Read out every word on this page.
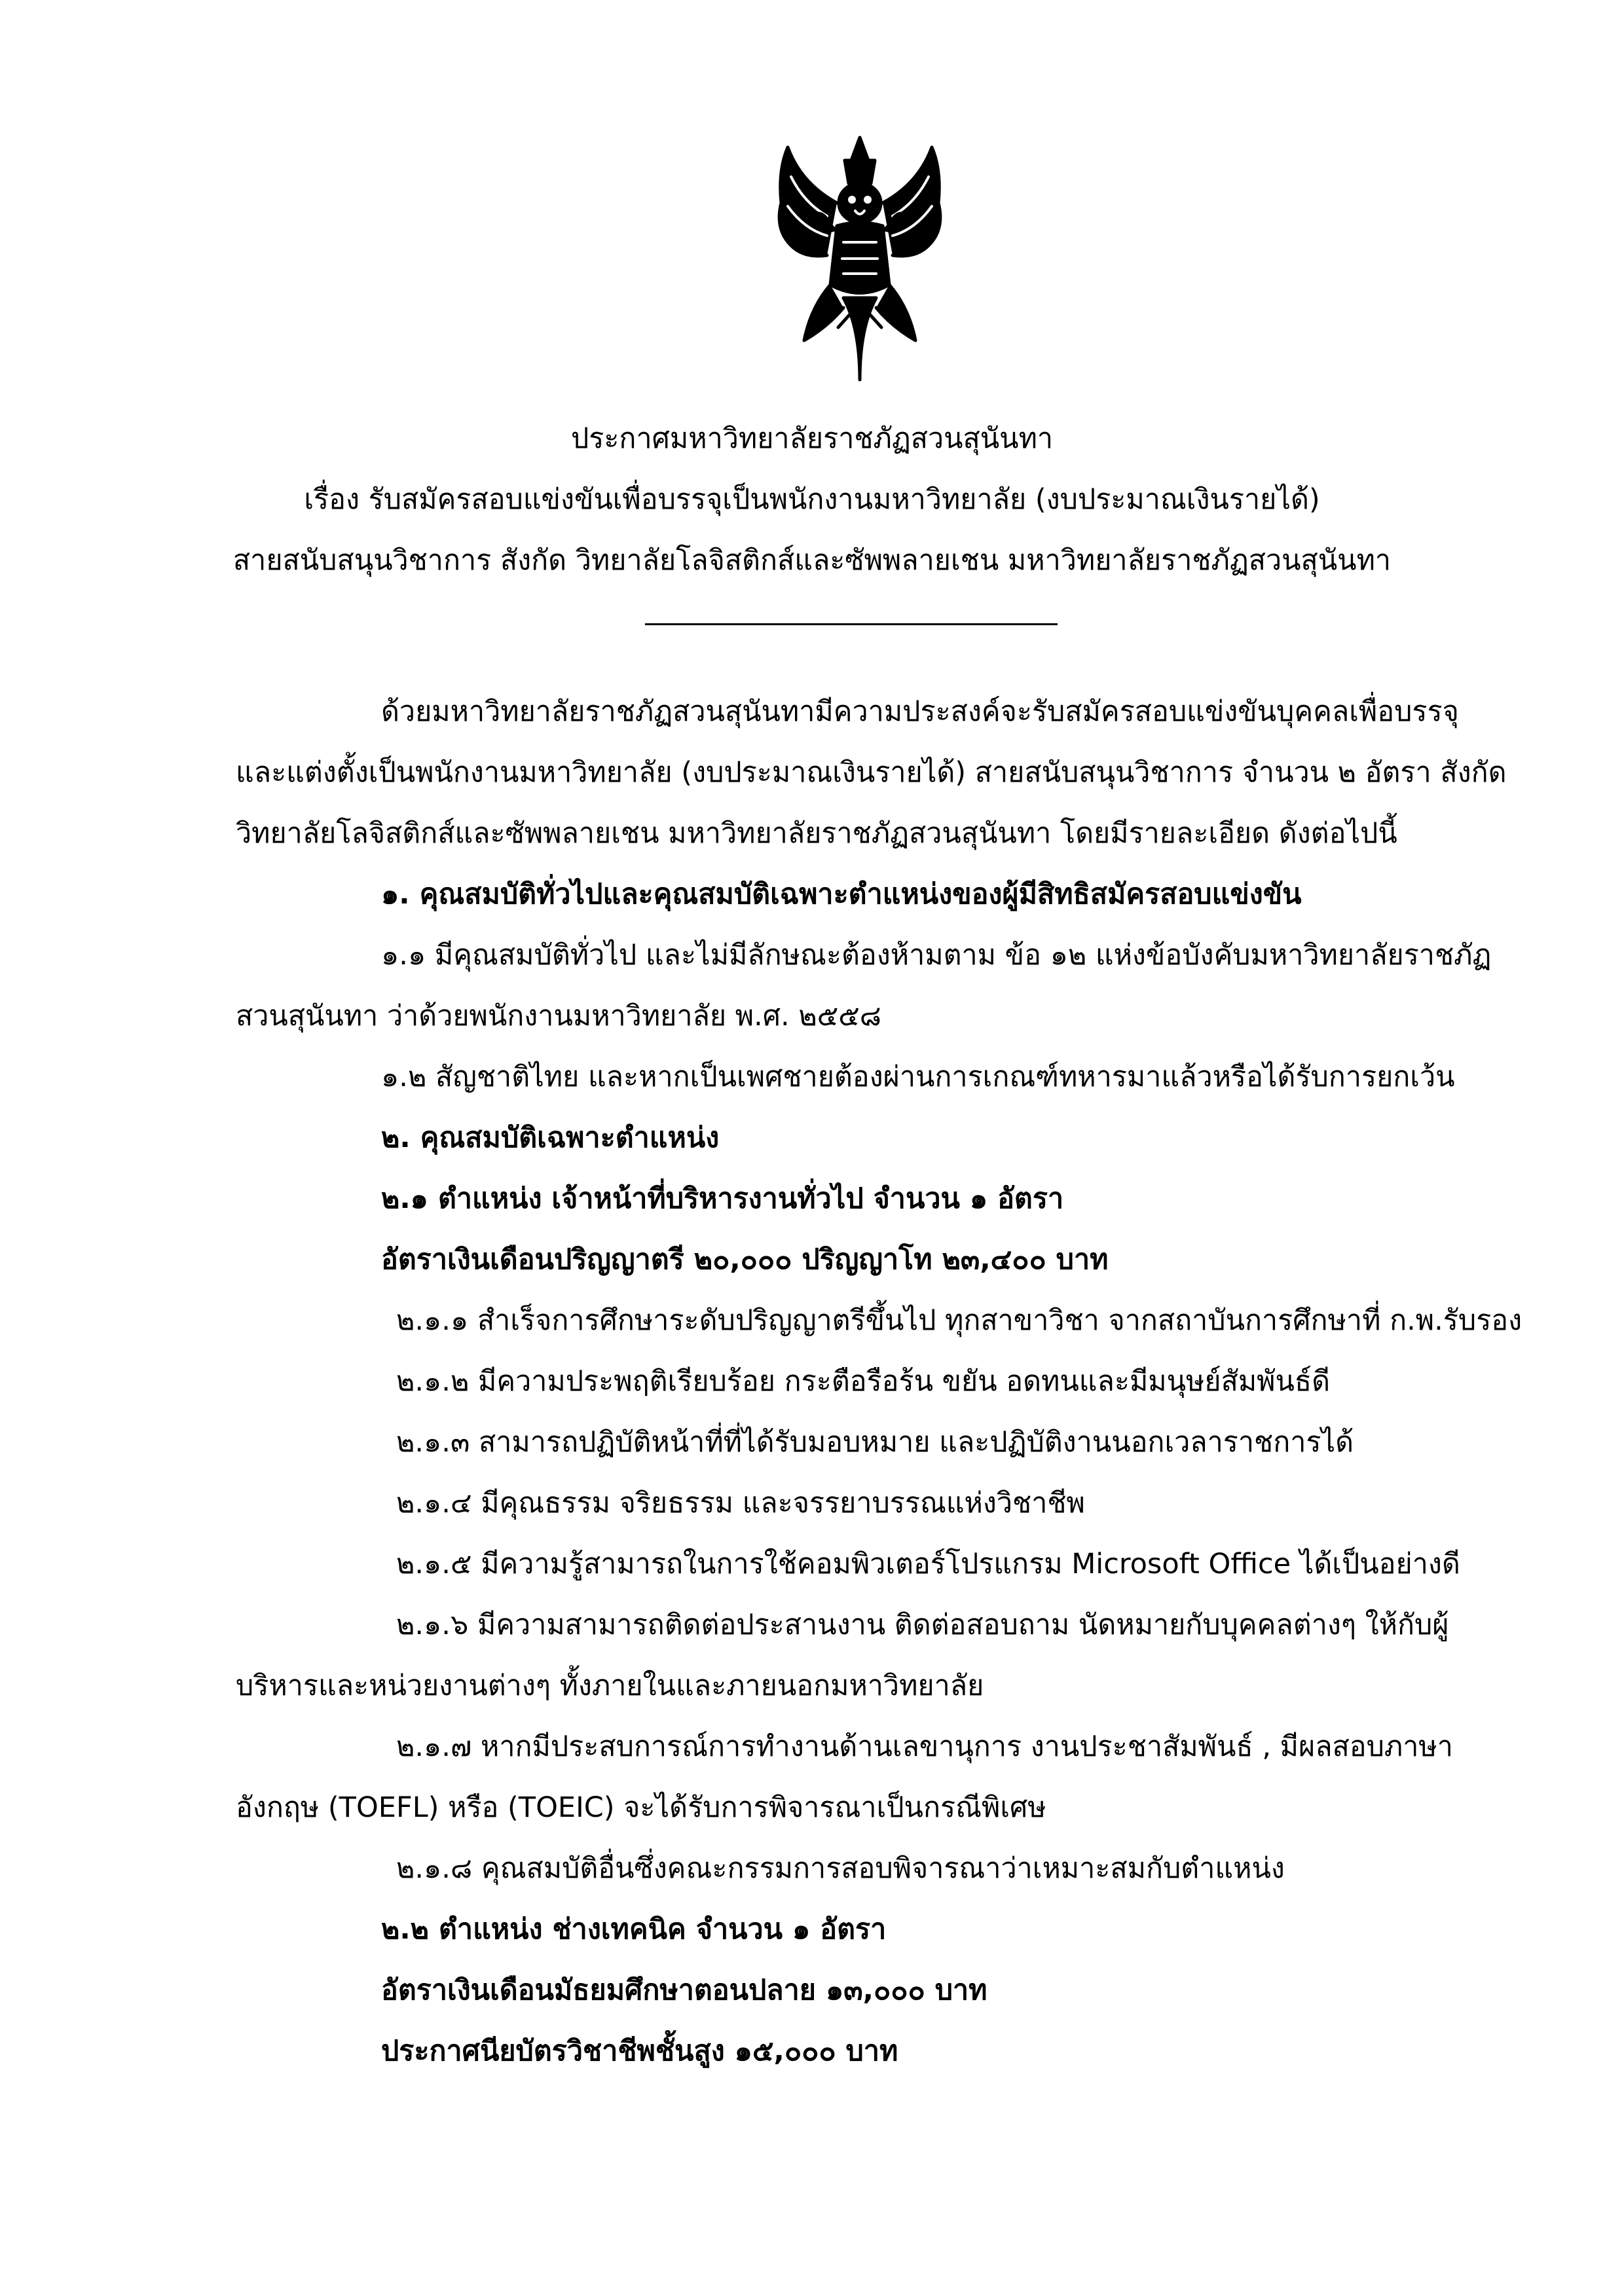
ประกาศมหาวิทยาลัยราชภัฏสวนสุนันทา
เรื่อง รับสมัครสอบแข่งขันเพื่อบรรจุเป็นพนักงานมหาวิทยาลัย (งบประมาณเงินรายได้)
สายสนับสนุนวิชาการ สังกัด วิทยาลัยโลจิสติกส์และซัพพลายเชน มหาวิทยาลัยราชภัฏสวนสุนันทา
ด้วยมหาวิทยาลัยราชภัฏสวนสุนันทามีความประสงค์จะรับสมัครสอบแข่งขันบุคคลเพื่อบรรจุ
และแต่งตั้งเป็นพนักงานมหาวิทยาลัย (งบประมาณเงินรายได้) สายสนับสนุนวิชาการ จำนวน ๒ อัตรา สังกัด
วิทยาลัยโลจิสติกส์และซัพพลายเชน มหาวิทยาลัยราชภัฏสวนสุนันทา โดยมีรายละเอียด ดังต่อไปนี้
๑. คุณสมบัติทั่วไปและคุณสมบัติเฉพาะตำแหน่งของผู้มีสิทธิสมัครสอบแข่งขัน
๑.๑ มีคุณสมบัติทั่วไป และไม่มีลักษณะต้องห้ามตาม ข้อ ๑๒ แห่งข้อบังคับมหาวิทยาลัยราชภัฏ
สวนสุนันทา ว่าด้วยพนักงานมหาวิทยาลัย พ.ศ. ๒๕๕๘
๑.๒ สัญชาติไทย และหากเป็นเพศชายต้องผ่านการเกณฑ์ทหารมาแล้วหรือได้รับการยกเว้น
๒. คุณสมบัติเฉพาะตำแหน่ง
๒.๑ ตำแหน่ง เจ้าหน้าที่บริหารงานทั่วไป จำนวน ๑ อัตรา
อัตราเงินเดือนปริญญาตรี ๒๐,๐๐๐ ปริญญาโท ๒๓,๔๐๐ บาท
๒.๑.๑ สำเร็จการศึกษาระดับปริญญาตรีขึ้นไป ทุกสาขาวิชา จากสถาบันการศึกษาที่ ก.พ.รับรอง
๒.๑.๒ มีความประพฤติเรียบร้อย กระตือรือร้น ขยัน อดทนและมีมนุษย์สัมพันธ์ดี
๒.๑.๓ สามารถปฏิบัติหน้าที่ที่ได้รับมอบหมาย และปฏิบัติงานนอกเวลาราชการได้
๒.๑.๔ มีคุณธรรม จริยธรรม และจรรยาบรรณแห่งวิชาชีพ
๒.๑.๕ มีความรู้สามารถในการใช้คอมพิวเตอร์โปรแกรม Microsoft Office ได้เป็นอย่างดี
๒.๑.๖ มีความสามารถติดต่อประสานงาน ติดต่อสอบถาม นัดหมายกับบุคคลต่างๆ ให้กับผู้
บริหารและหน่วยงานต่างๆ ทั้งภายในและภายนอกมหาวิทยาลัย
๒.๑.๗ หากมีประสบการณ์การทำงานด้านเลขานุการ งานประชาสัมพันธ์ , มีผลสอบภาษา
อังกฤษ (TOEFL) หรือ (TOEIC) จะได้รับการพิจารณาเป็นกรณีพิเศษ
๒.๑.๘ คุณสมบัติอื่นซึ่งคณะกรรมการสอบพิจารณาว่าเหมาะสมกับตำแหน่ง
๒.๒ ตำแหน่ง ช่างเทคนิค จำนวน ๑ อัตรา
อัตราเงินเดือนมัธยมศึกษาตอนปลาย ๑๓,๐๐๐ บาท
ประกาศนียบัตรวิชาชีพชั้นสูง ๑๕,๐๐๐ บาท
